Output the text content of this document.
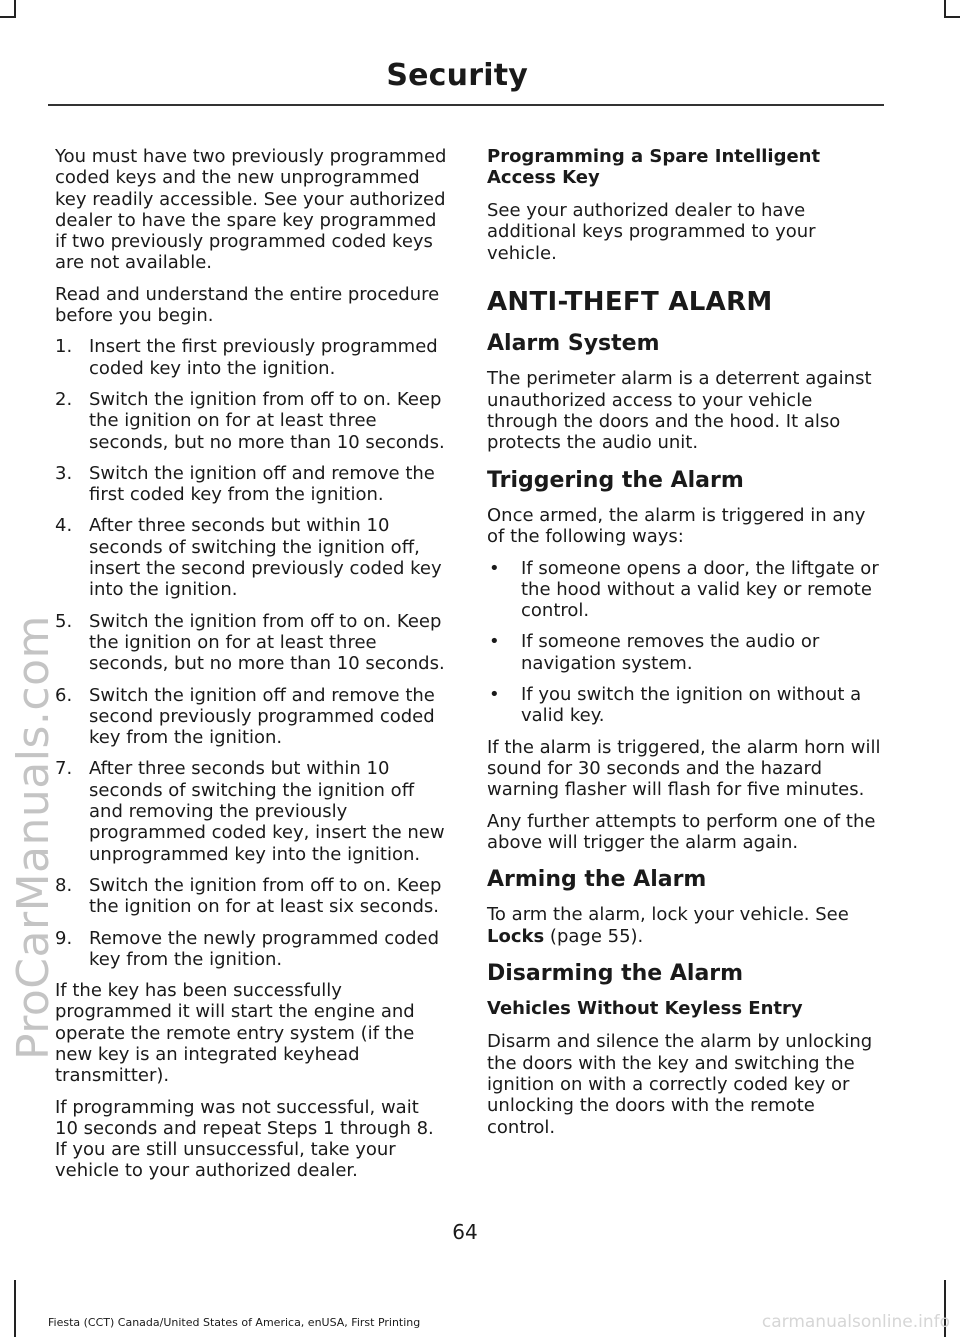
Security

You must have two previously programmed coded keys and the new unprogrammed key readily accessible. See your authorized dealer to have the spare key programmed if two previously programmed coded keys are not available.

Read and understand the entire procedure before you begin.

1. Insert the first previously programmed coded key into the ignition.
2. Switch the ignition from off to on. Keep the ignition on for at least three seconds, but no more than 10 seconds.
3. Switch the ignition off and remove the first coded key from the ignition.
4. After three seconds but within 10 seconds of switching the ignition off, insert the second previously coded key into the ignition.
5. Switch the ignition from off to on. Keep the ignition on for at least three seconds, but no more than 10 seconds.
6. Switch the ignition off and remove the second previously programmed coded key from the ignition.
7. After three seconds but within 10 seconds of switching the ignition off and removing the previously programmed coded key, insert the new unprogrammed key into the ignition.
8. Switch the ignition from off to on. Keep the ignition on for at least six seconds.
9. Remove the newly programmed coded key from the ignition.

If the key has been successfully programmed it will start the engine and operate the remote entry system (if the new key is an integrated keyhead transmitter).

If programming was not successful, wait 10 seconds and repeat Steps 1 through 8. If you are still unsuccessful, take your vehicle to your authorized dealer.

Programming a Spare Intelligent Access Key

See your authorized dealer to have additional keys programmed to your vehicle.

ANTI-THEFT ALARM
Alarm System

The perimeter alarm is a deterrent against unauthorized access to your vehicle through the doors and the hood. It also protects the audio unit.

Triggering the Alarm

Once armed, the alarm is triggered in any of the following ways:

• If someone opens a door, the liftgate or the hood without a valid key or remote control.
• If someone removes the audio or navigation system.
• If you switch the ignition on without a valid key.

If the alarm is triggered, the alarm horn will sound for 30 seconds and the hazard warning flasher will flash for five minutes.

Any further attempts to perform one of the above will trigger the alarm again.

Arming the Alarm

To arm the alarm, lock your vehicle. See
Locks (page 55).

Disarming the Alarm
Vehicles Without Keyless Entry

Disarm and silence the alarm by unlocking the doors with the key and switching the ignition on with a correctly coded key or unlocking the doors with the remote control.

64
Fiesta (CCT) Canada/United States of America, enUSA, First Printing
ProCarManuals.com
carmanualsonline.info
